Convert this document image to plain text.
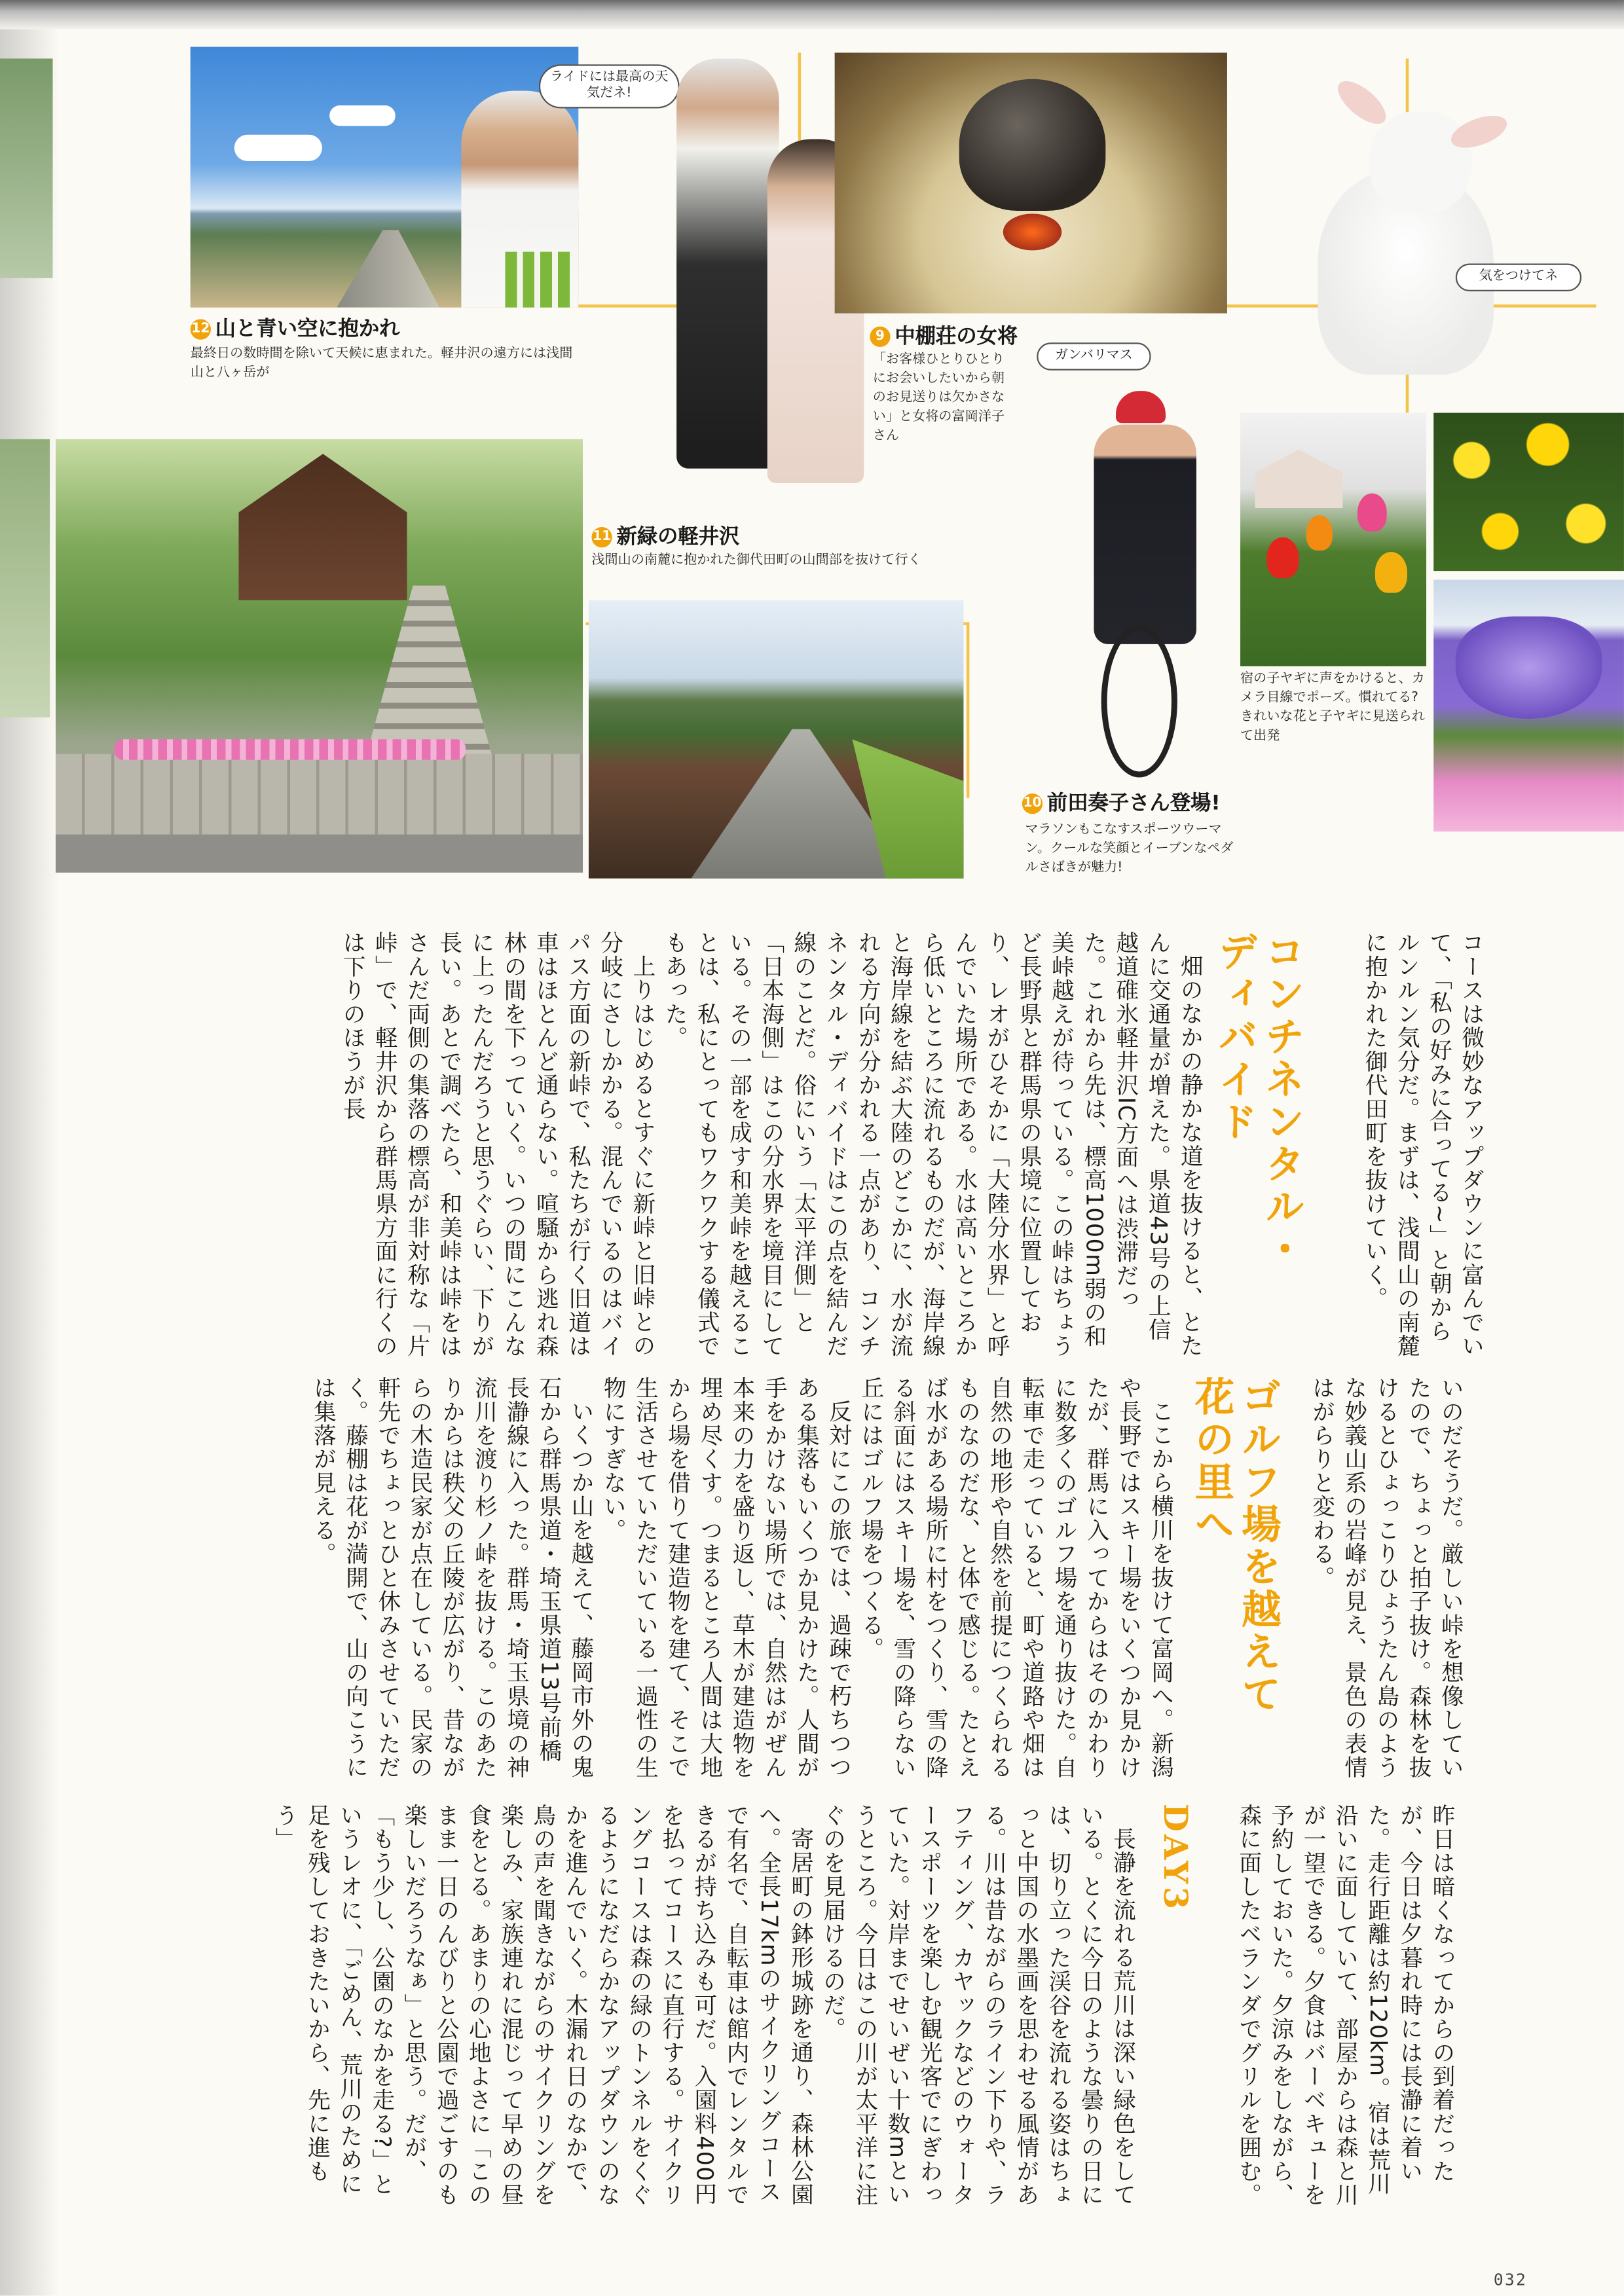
ライドには最高の天気だネ!
気をつけてネ
12 山と青い空に抱かれ
最終日の数時間を除いて天候に恵まれた。軽井沢の遠方には浅間山と八ヶ岳が
9 中棚荘の女将
「お客様ひとりひとりにお会いしたいから朝のお見送りは欠かさない」と女将の富岡洋子さん
11 新緑の軽井沢
浅間山の南麓に抱かれた御代田町の山間部を抜けて行く
ガンバリマス
10 前田奏子さん登場!
マラソンもこなすスポーツウーマン。クールな笑顔とイーブンなペダルさばきが魅力!
宿の子ヤギに声をかけると、カメラ目線でポーズ。慣れてる? きれいな花と子ヤギに見送られて出発

コースは微妙なアップダウンに富んでいて、「私の好みに合ってる~」と朝からルンルン気分だ。まずは、浅間山の南麓に抱かれた御代田町を抜けていく。

コンチネンタル・
ディバイド

畑のなかの静かな道を抜けると、とたんに交通量が増えた。県道43号の上信越道碓氷軽井沢IC方面へは渋滞だった。これから先は、標高1000m弱の和美峠越えが待っている。この峠はちょうど長野県と群馬県の県境に位置しており、レオがひそかに「大陸分水界」と呼んでいた場所である。水は高いところから低いところに流れるものだが、海岸線と海岸線を結ぶ大陸のどこかに、水が流れる方向が分かれる一点があり、コンチネンタル・ディバイドはこの点を結んだ線のことだ。俗にいう「太平洋側」と「日本海側」はこの分水界を境目にしている。その一部を成す和美峠を越えることは、私にとってもワクワクする儀式でもあった。

上りはじめるとすぐに新峠と旧峠との分岐にさしかかる。混んでいるのはバイパス方面の新峠で、私たちが行く旧道は車はほとんど通らない。喧騒から逃れ森林の間を下っていく。いつの間にこんなに上ったんだろうと思うぐらい、下りが長い。あとで調べたら、和美峠は峠をはさんだ両側の集落の標高が非対称な「片峠」で、軽井沢から群馬県方面に行くのは下りのほうが長

昨日は暗くなってからの到着だったが、今日は夕暮れ時には長瀞に着いた。走行距離は約120km。宿は荒川沿いに面していて、部屋からは森と川が一望できる。夕食はバーベキューを予約しておいた。夕涼みをしながら、森に面したベランダでグリルを囲む。

032

いのだそうだ。厳しい峠を想像していたので、ちょっと拍子抜け。森林を抜けるとひょっこりひょうたん島のような妙義山系の岩峰が見え、景色の表情はがらりと変わる。

ゴルフ場を越えて
花の里へ

ここから横川を抜けて富岡へ。新潟や長野ではスキー場をいくつか見かけたが、群馬に入ってからはそのかわりに数多くのゴルフ場を通り抜けた。自転車で走っていると、町や道路や畑は自然の地形や自然を前提につくられるものなのだな、と体で感じる。たとえば水がある場所に村をつくり、雪の降る斜面にはスキー場を、雪の降らない丘にはゴルフ場をつくる。

反対にこの旅では、過疎で朽ちつつある集落もいくつか見かけた。人間が手をかけない場所では、自然はがぜん本来の力を盛り返し、草木が建造物を埋め尽くす。つまるところ人間は大地から場を借りて建造物を建て、そこで生活させていただいている一過性の生物にすぎない。

いくつか山を越えて、藤岡市外の鬼石から群馬県道・埼玉県道13号前橋長瀞線に入った。群馬・埼玉県境の神流川を渡り杉ノ峠を抜ける。このあたりからは秩父の丘陵が広がり、昔ながらの木造民家が点在している。民家の軒先でちょっとひと休みさせていただく。藤棚は花が満開で、山の向こうには集落が見える。

DAY3

長瀞を流れる荒川は深い緑色をしている。とくに今日のような曇りの日には、切り立った渓谷を流れる姿はちょっと中国の水墨画を思わせる風情がある。川は昔ながらのライン下りや、ラフティング、カヤックなどのウォータースポーツを楽しむ観光客でにぎわっていた。対岸までせいぜい十数mというところ。今日はこの川が太平洋に注ぐのを見届けるのだ。

寄居町の鉢形城跡を通り、森林公園へ。全長17kmのサイクリングコースで有名で、自転車は館内でレンタルできるが持ち込みも可だ。入園料400円を払ってコースに直行する。サイクリングコースは森の緑のトンネルをくぐるようになだらかなアップダウンのなかを進んでいく。木漏れ日のなかで、鳥の声を聞きながらのサイクリングを楽しみ、家族連れに混じって早めの昼食をとる。あまりの心地よさに「このまま一日のんびりと公園で過ごすのも楽しいだろうなぁ」と思う。だが、「もう少し、公園のなかを走る?」というレオに、「ごめん、荒川のために足を残しておきたいから、先に進もう」
